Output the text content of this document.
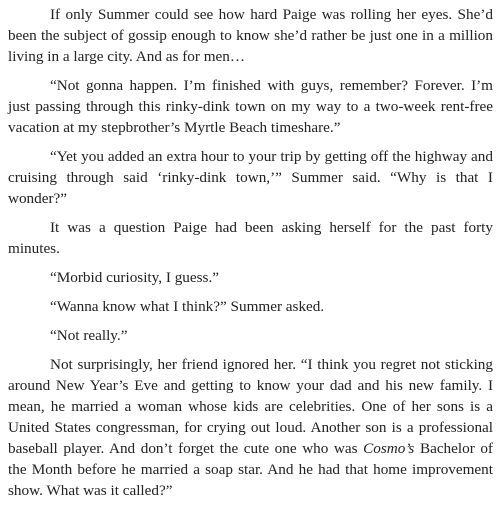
If only Summer could see how hard Paige was rolling her eyes. She’d been the subject of gossip enough to know she’d rather be just one in a million living in a large city. And as for men…

“Not gonna happen. I’m finished with guys, remember? Forever. I’m just passing through this rinky-dink town on my way to a two-week rent-free vacation at my stepbrother’s Myrtle Beach timeshare.”

“Yet you added an extra hour to your trip by getting off the highway and cruising through said ‘rinky-dink town,’” Summer said. “Why is that I wonder?”

It was a question Paige had been asking herself for the past forty minutes.

“Morbid curiosity, I guess.”

“Wanna know what I think?” Summer asked.

“Not really.”

Not surprisingly, her friend ignored her. “I think you regret not sticking around New Year’s Eve and getting to know your dad and his new family. I mean, he married a woman whose kids are celebrities. One of her sons is a United States congressman, for crying out loud. Another son is a professional baseball player. And don’t forget the cute one who was Cosmo’s Bachelor of the Month before he married a soap star. And he had that home improvement show. What was it called?”
